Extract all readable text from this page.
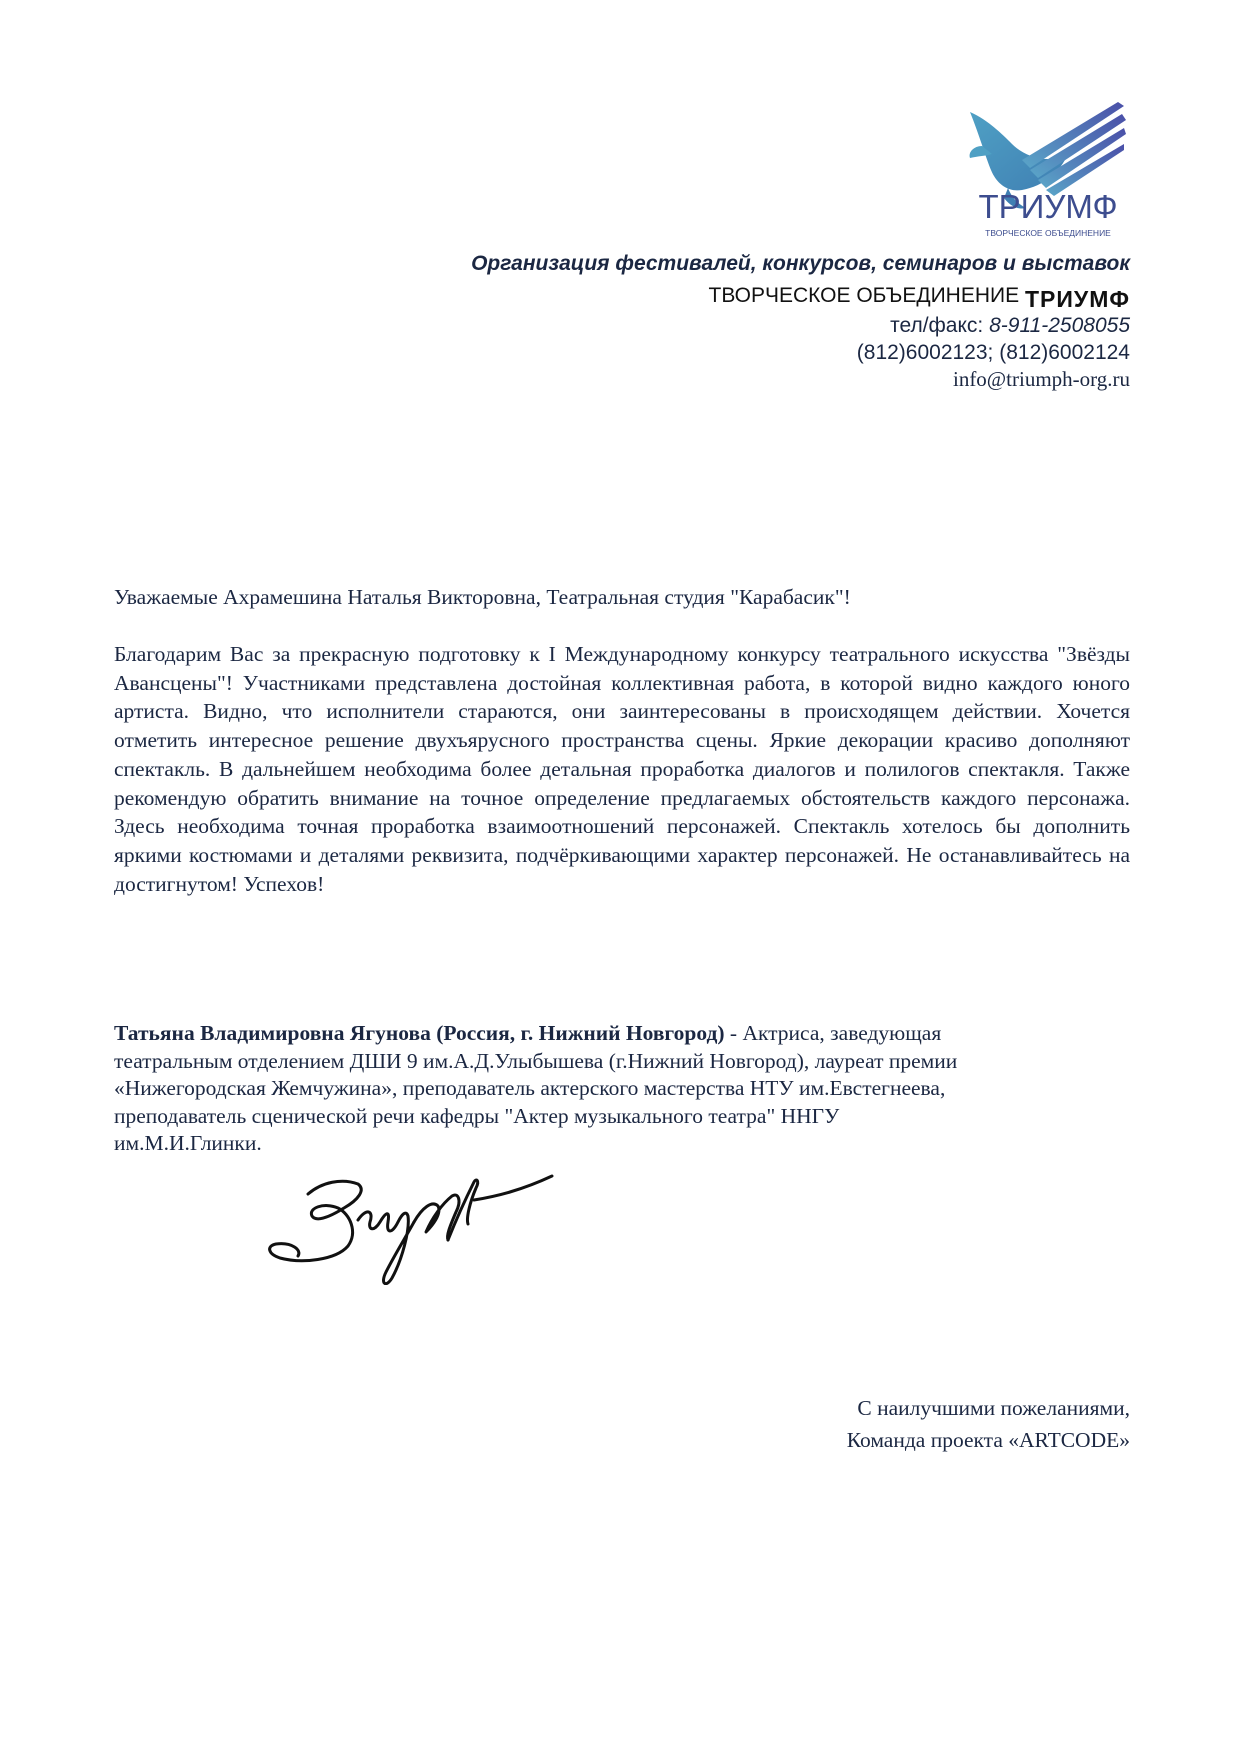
ТРИУМФ
ТВОРЧЕСКОЕ ОБЪЕДИНЕНИЕ
Организация фестивалей, конкурсов, семинаров и выставок
ТВОРЧЕСКОЕ ОБЪЕДИНЕНИЕ ТРИУМФ
тел/факс: 8-911-2508055
(812)6002123; (812)6002124
info@triumph-org.ru
Уважаемые Ахрамешина Наталья Викторовна, Театральная студия "Карабасик"!
Благодарим Вас за прекрасную подготовку к I Международному конкурсу театрального искусства "Звёзды Авансцены"! Участниками представлена достойная коллективная работа, в которой видно каждого юного артиста. Видно, что исполнители стараются, они заинтересованы в происходящем действии. Хочется отметить интересное решение двухъярусного пространства сцены. Яркие декорации красиво дополняют спектакль. В дальнейшем необходима более детальная проработка диалогов и полилогов спектакля. Также рекомендую обратить внимание на точное определение предлагаемых обстоятельств каждого персонажа. Здесь необходима точная проработка взаимоотношений персонажей. Спектакль хотелось бы дополнить яркими костюмами и деталями реквизита, подчёркивающими характер персонажей. Не останавливайтесь на достигнутом! Успехов!
Татьяна Владимировна Ягунова (Россия, г. Нижний Новгород) - Актриса, заведующая
театральным отделением ДШИ 9 им.А.Д.Улыбышева (г.Нижний Новгород), лауреат премии
«Нижегородская Жемчужина», преподаватель актерского мастерства НТУ им.Евстегнеева,
преподаватель сценической речи кафедры "Актер музыкального театра" ННГУ
им.М.И.Глинки.
С наилучшими пожеланиями,
Команда проекта «ARTCODE»
